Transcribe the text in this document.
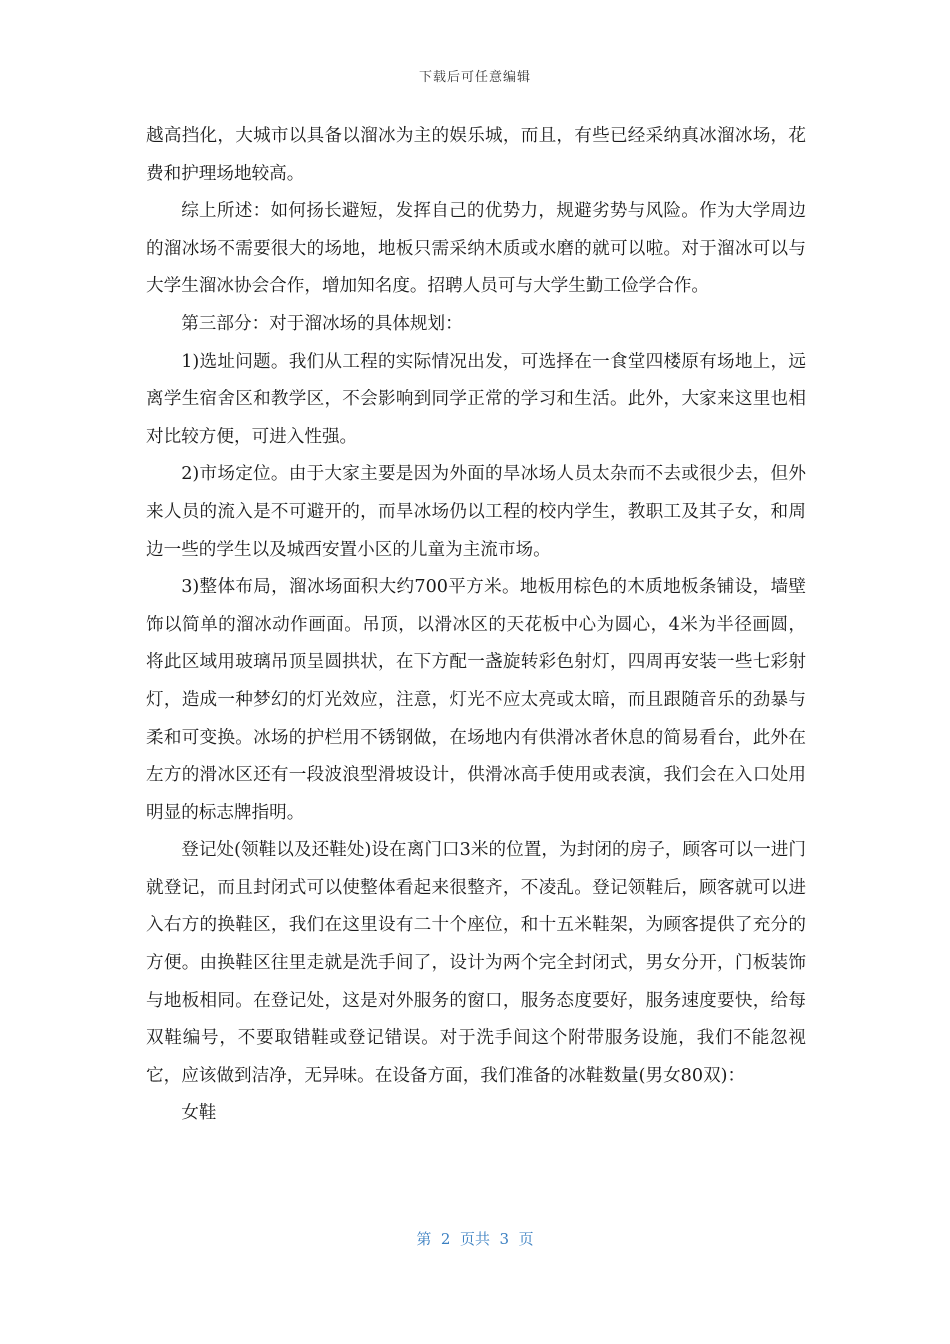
下载后可任意编辑

越高挡化，大城市以具备以溜冰为主的娱乐城，而且，有些已经采纳真冰溜冰场，花费和护理场地较高。

综上所述：如何扬长避短，发挥自己的优势力，规避劣势与风险。作为大学周边的溜冰场不需要很大的场地，地板只需采纳木质或水磨的就可以啦。对于溜冰可以与大学生溜冰协会合作，增加知名度。招聘人员可与大学生勤工俭学合作。

第三部分：对于溜冰场的具体规划：

1)选址问题。我们从工程的实际情况出发，可选择在一食堂四楼原有场地上，远离学生宿舍区和教学区，不会影响到同学正常的学习和生活。此外，大家来这里也相对比较方便，可进入性强。

2)市场定位。由于大家主要是因为外面的旱冰场人员太杂而不去或很少去，但外来人员的流入是不可避开的，而旱冰场仍以工程的校内学生，教职工及其子女，和周边一些的学生以及城西安置小区的儿童为主流市场。

3)整体布局，溜冰场面积大约700平方米。地板用棕色的木质地板条铺设，墙壁饰以简单的溜冰动作画面。吊顶，以滑冰区的天花板中心为圆心，4米为半径画圆，将此区域用玻璃吊顶呈圆拱状，在下方配一盏旋转彩色射灯，四周再安装一些七彩射灯，造成一种梦幻的灯光效应，注意，灯光不应太亮或太暗，而且跟随音乐的劲暴与柔和可变换。冰场的护栏用不锈钢做，在场地内有供滑冰者休息的简易看台，此外在左方的滑冰区还有一段波浪型滑坡设计，供滑冰高手使用或表演，我们会在入口处用明显的标志牌指明。

登记处(领鞋以及还鞋处)设在离门口3米的位置，为封闭的房子，顾客可以一进门就登记，而且封闭式可以使整体看起来很整齐，不凌乱。登记领鞋后，顾客就可以进入右方的换鞋区，我们在这里设有二十个座位，和十五米鞋架，为顾客提供了充分的方便。由换鞋区往里走就是洗手间了，设计为两个完全封闭式，男女分开，门板装饰与地板相同。在登记处，这是对外服务的窗口，服务态度要好，服务速度要快，给每双鞋编号，不要取错鞋或登记错误。对于洗手间这个附带服务设施，我们不能忽视它，应该做到洁净，无异味。在设备方面，我们准备的冰鞋数量(男女80双)：

女鞋

第  2  页共  3  页
